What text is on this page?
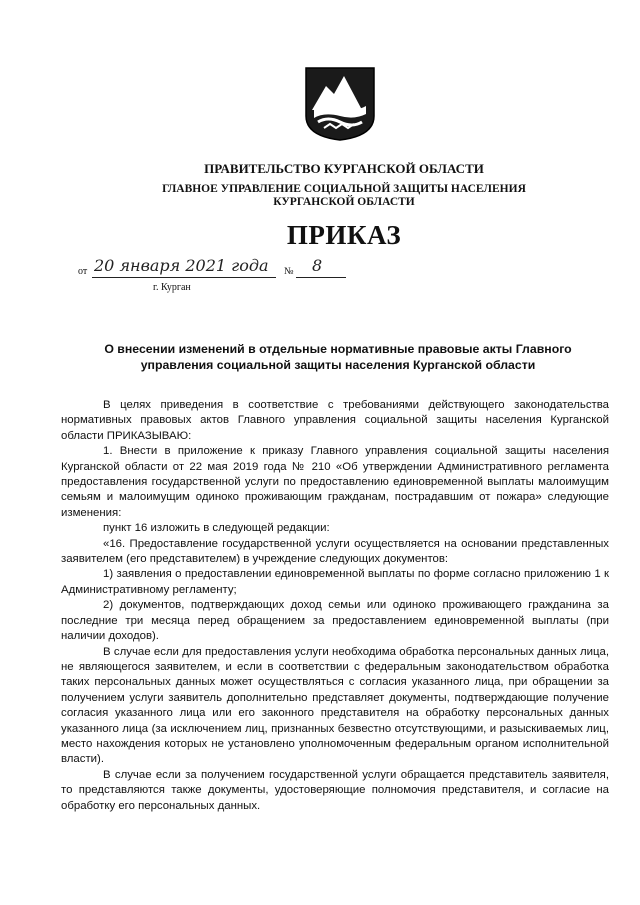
ПРАВИТЕЛЬСТВО КУРГАНСКОЙ ОБЛАСТИ
ГЛАВНОЕ УПРАВЛЕНИЕ СОЦИАЛЬНОЙ ЗАЩИТЫ НАСЕЛЕНИЯ
КУРГАНСКОЙ ОБЛАСТИ
ПРИКАЗ
от 20 января 2021 года № 8
г. Курган
О внесении изменений в отдельные нормативные правовые акты Главного
управления социальной защиты населения Курганской области

В целях приведения в соответствие с требованиями действующего законодательства нормативных правовых актов Главного управления социальной защиты населения Курганской области ПРИКАЗЫВАЮ:

1. Внести в приложение к приказу Главного управления социальной защиты населения Курганской области от 22 мая 2019 года № 210 «Об утверждении Административного регламента предоставления государственной услуги по предоставлению единовременной выплаты малоимущим семьям и малоимущим одиноко проживающим гражданам, пострадавшим от пожара» следующие изменения:

пункт 16 изложить в следующей редакции:

«16. Предоставление государственной услуги осуществляется на основании представленных заявителем (его представителем) в учреждение следующих документов:

1) заявления о предоставлении единовременной выплаты по форме согласно приложению 1 к Административному регламенту;

2) документов, подтверждающих доход семьи или одиноко проживающего гражданина за последние три месяца перед обращением за предоставлением единовременной выплаты (при наличии доходов).

В случае если для предоставления услуги необходима обработка персональных данных лица, не являющегося заявителем, и если в соответствии с федеральным законодательством обработка таких персональных данных может осуществляться с согласия указанного лица, при обращении за получением услуги заявитель дополнительно представляет документы, подтверждающие получение согласия указанного лица или его законного представителя на обработку персональных данных указанного лица (за исключением лиц, признанных безвестно отсутствующими, и разыскиваемых лиц, место нахождения которых не установлено уполномоченным федеральным органом исполнительной власти).

В случае если за получением государственной услуги обращается представитель заявителя, то представляются также документы, удостоверяющие полномочия представителя, и согласие на обработку его персональных данных.
